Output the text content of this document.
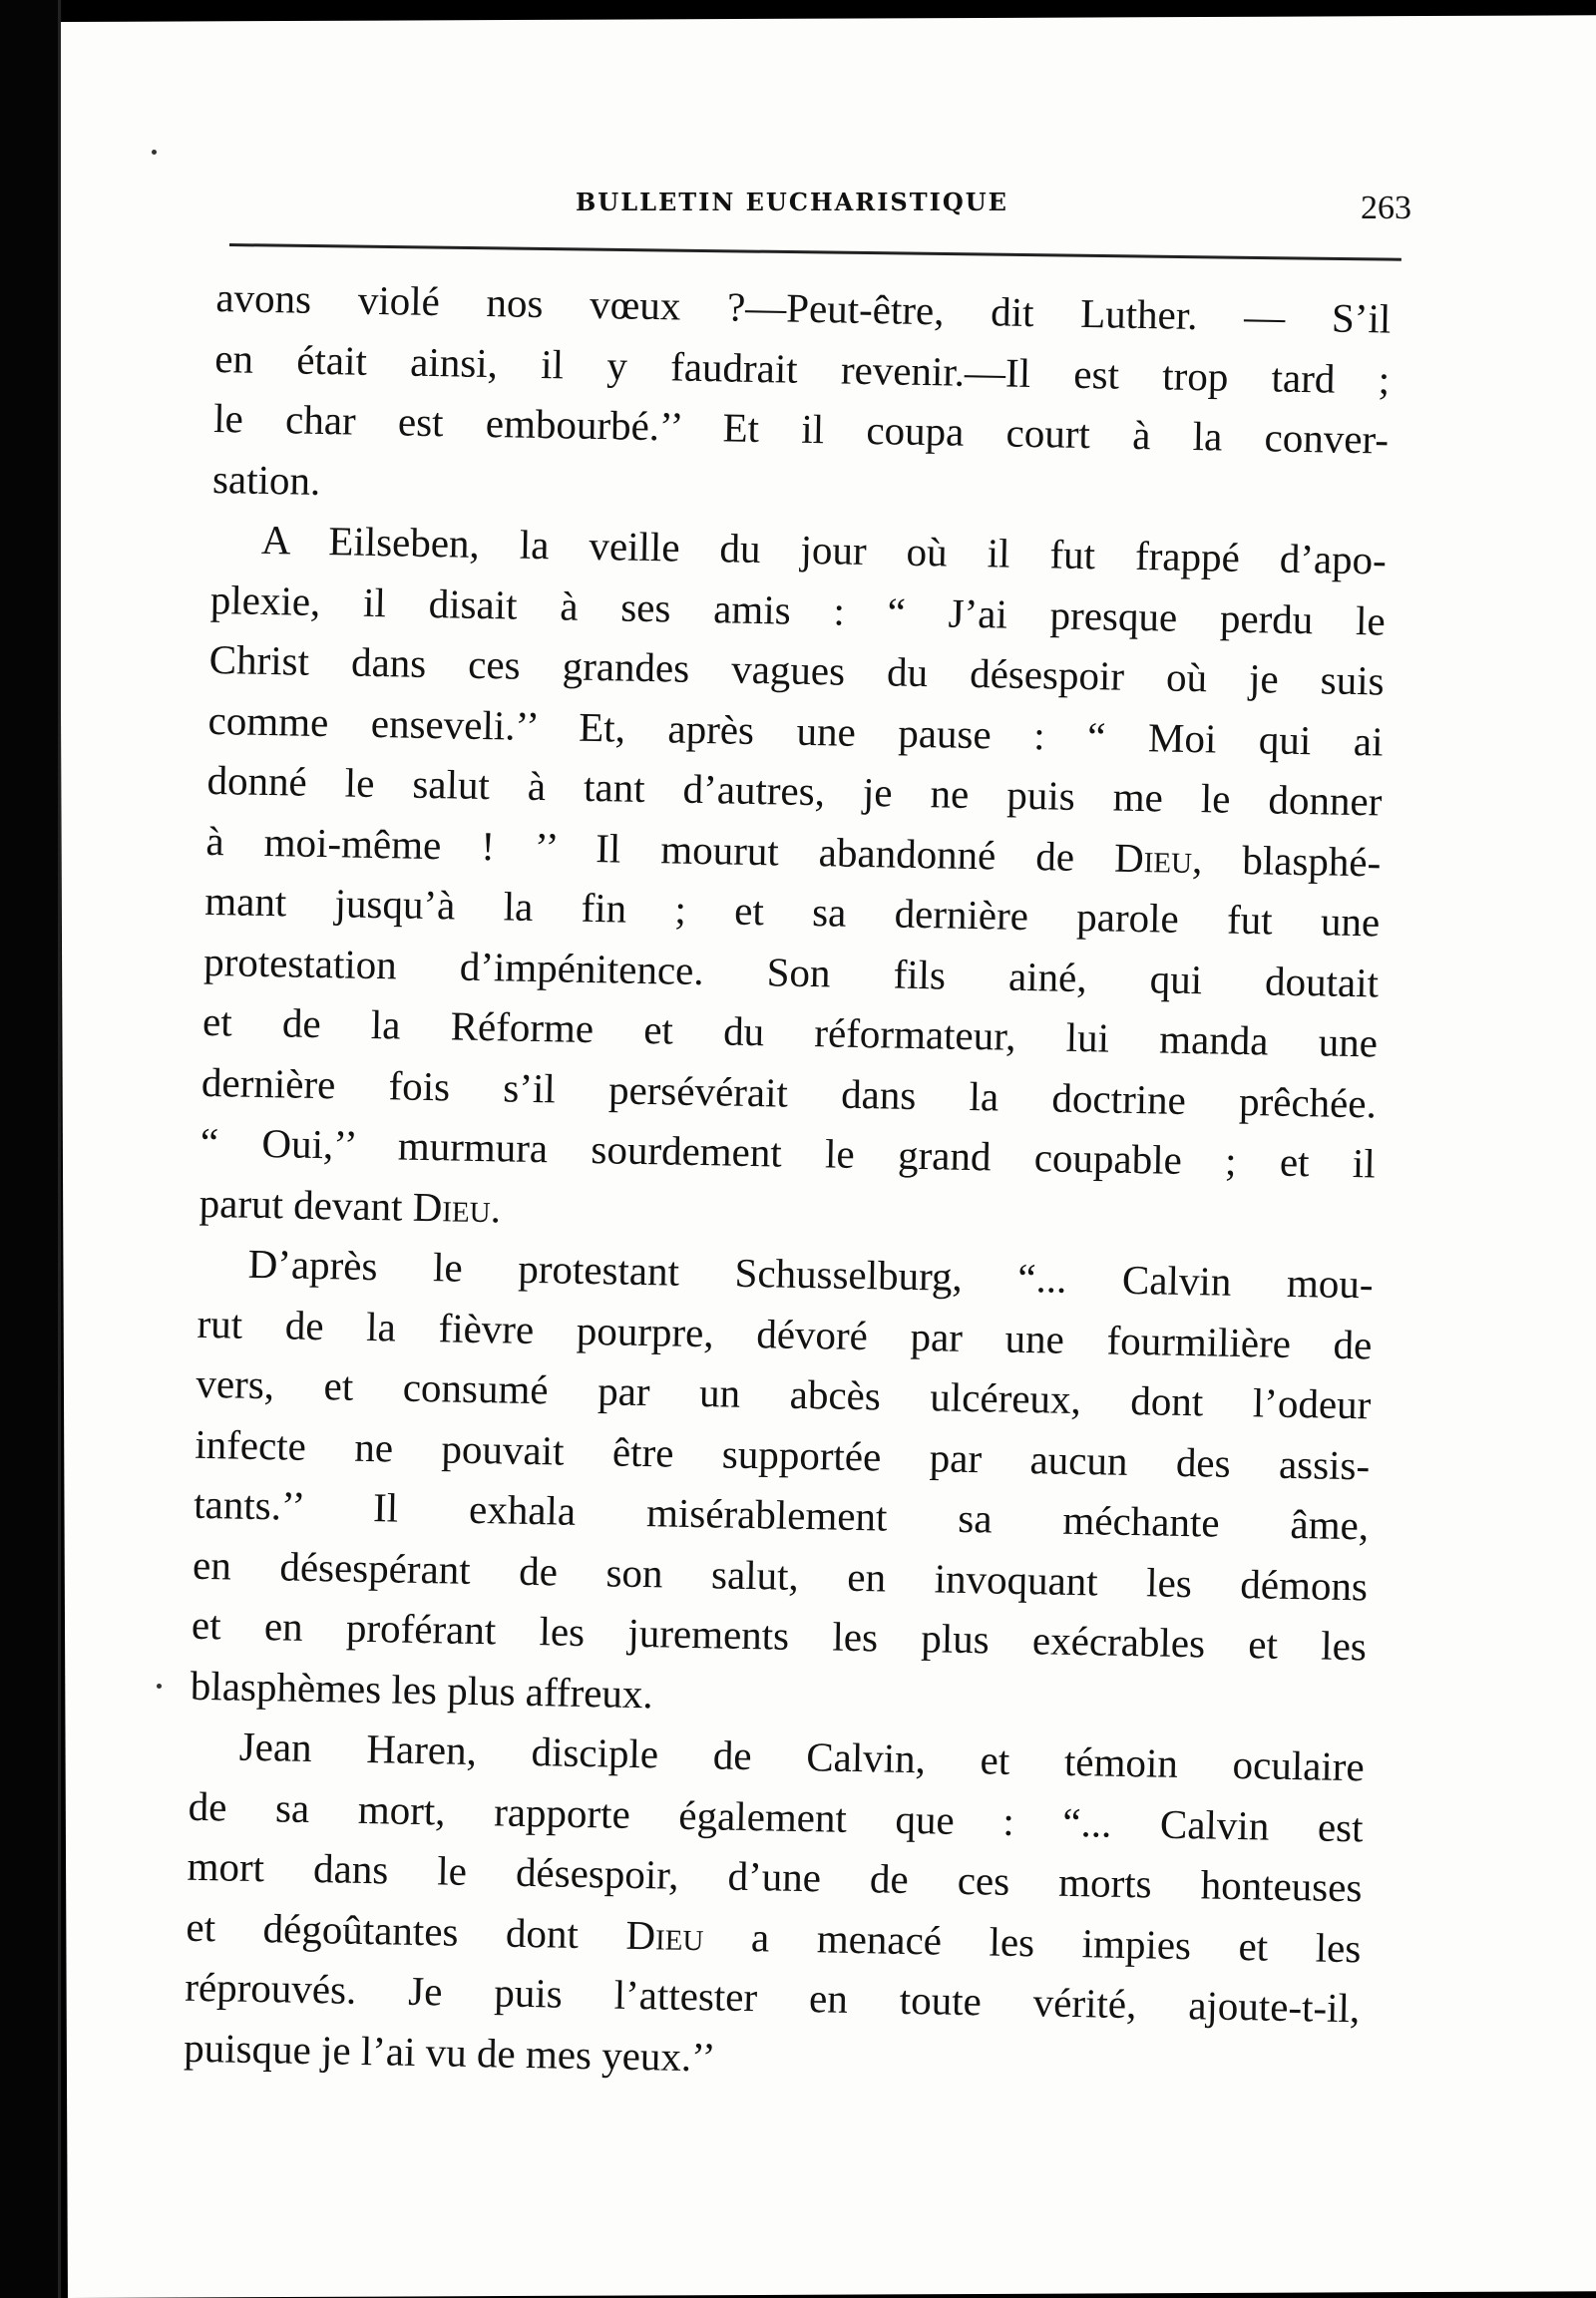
BULLETIN EUCHARISTIQUE	263
avons violé nos vœux ?—Peut-être, dit Luther. — S’il
en était ainsi, il y faudrait revenir.—Il est trop tard ;
le char est embourbé.’’ Et il coupa court à la conver-
sation.
A Eilseben, la veille du jour où il fut frappé d’apo-
plexie, il disait à ses amis : “ J’ai presque perdu le
Christ dans ces grandes vagues du désespoir où je suis
comme enseveli.’’ Et, après une pause : “ Moi qui ai
donné le salut à tant d’autres, je ne puis me le donner
à moi-même ! ’’ Il mourut abandonné de Dieu, blasphé-
mant jusqu’à la fin ; et sa dernière parole fut une
protestation d’impénitence. Son fils ainé, qui doutait
et de la Réforme et du réformateur, lui manda une
dernière fois s’il persévérait dans la doctrine prêchée.
“ Oui,’’ murmura sourdement le grand coupable ; et il
parut devant Dieu.
D’après le protestant Schusselburg, “... Calvin mou-
rut de la fièvre pourpre, dévoré par une fourmilière de
vers, et consumé par un abcès ulcéreux, dont l’odeur
infecte ne pouvait être supportée par aucun des assis-
tants.’’ Il exhala misérablement sa méchante âme,
en désespérant de son salut, en invoquant les démons
et en proférant les jurements les plus exécrables et les
blasphèmes les plus affreux.
Jean Haren, disciple de Calvin, et témoin oculaire
de sa mort, rapporte également que : “... Calvin est
mort dans le désespoir, d’une de ces morts honteuses
et dégoûtantes dont Dieu a menacé les impies et les
réprouvés. Je puis l’attester en toute vérité, ajoute-t-il,
puisque je l’ai vu de mes yeux.’’
